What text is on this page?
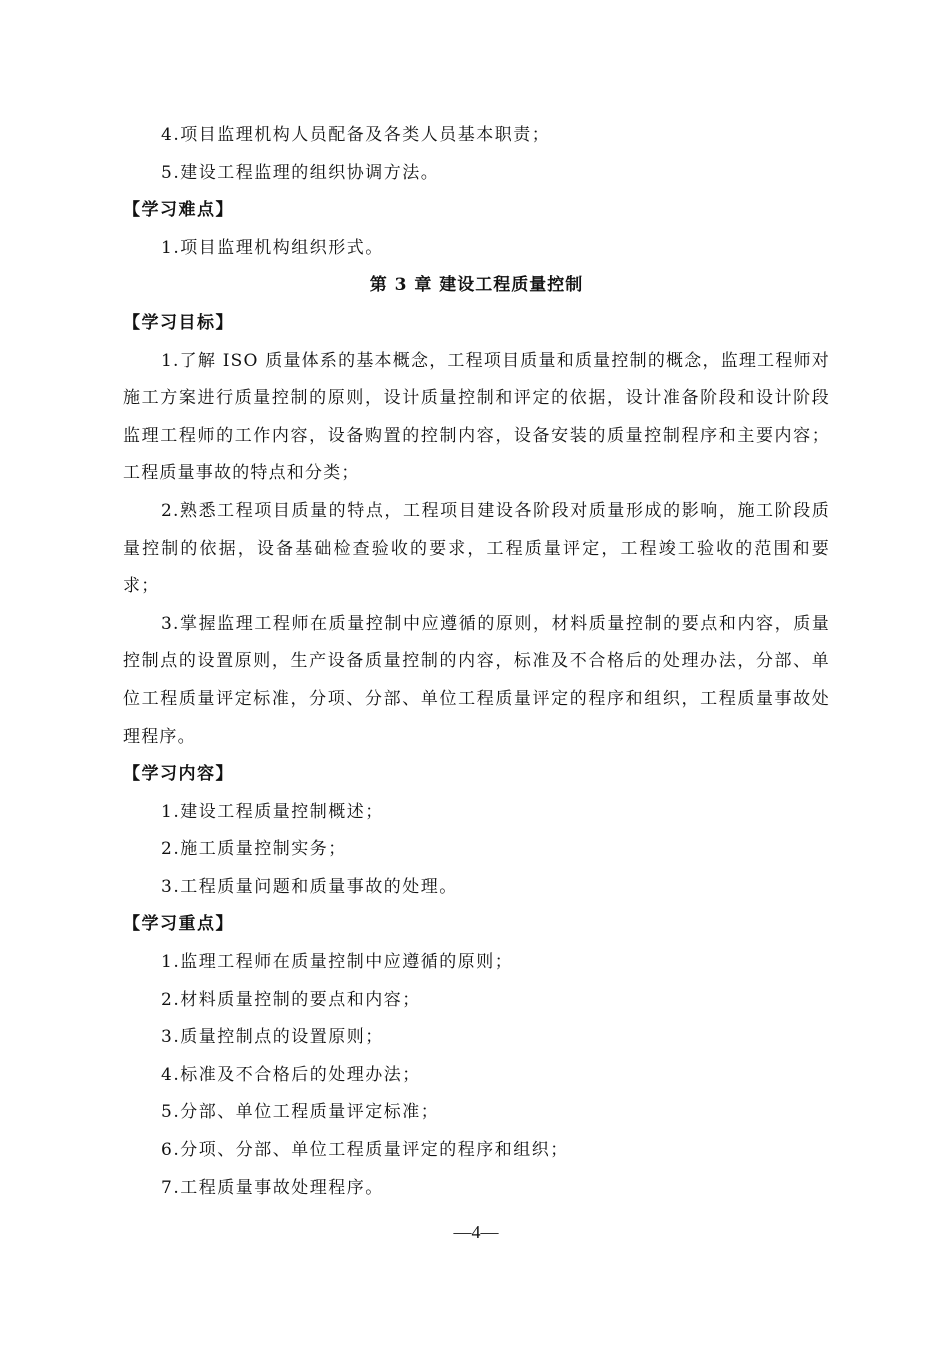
4.项目监理机构人员配备及各类人员基本职责；
5.建设工程监理的组织协调方法。
【学习难点】
1.项目监理机构组织形式。
第 3 章 建设工程质量控制
【学习目标】

1.了解 ISO 质量体系的基本概念，工程项目质量和质量控制的概念，监理工程师对施工方案进行质量控制的原则，设计质量控制和评定的依据，设计准备阶段和设计阶段监理工程师的工作内容，设备购置的控制内容，设备安装的质量控制程序和主要内容；工程质量事故的特点和分类；

2.熟悉工程项目质量的特点，工程项目建设各阶段对质量形成的影响，施工阶段质量控制的依据，设备基础检查验收的要求，工程质量评定，工程竣工验收的范围和要求；

3.掌握监理工程师在质量控制中应遵循的原则，材料质量控制的要点和内容，质量控制点的设置原则，生产设备质量控制的内容，标准及不合格后的处理办法，分部、单位工程质量评定标准，分项、分部、单位工程质量评定的程序和组织，工程质量事故处理程序。

【学习内容】
1.建设工程质量控制概述；
2.施工质量控制实务；
3.工程质量问题和质量事故的处理。
【学习重点】
1.监理工程师在质量控制中应遵循的原则；
2.材料质量控制的要点和内容；
3.质量控制点的设置原则；
4.标准及不合格后的处理办法；
5.分部、单位工程质量评定标准；
6.分项、分部、单位工程质量评定的程序和组织；
7.工程质量事故处理程序。
—4—
